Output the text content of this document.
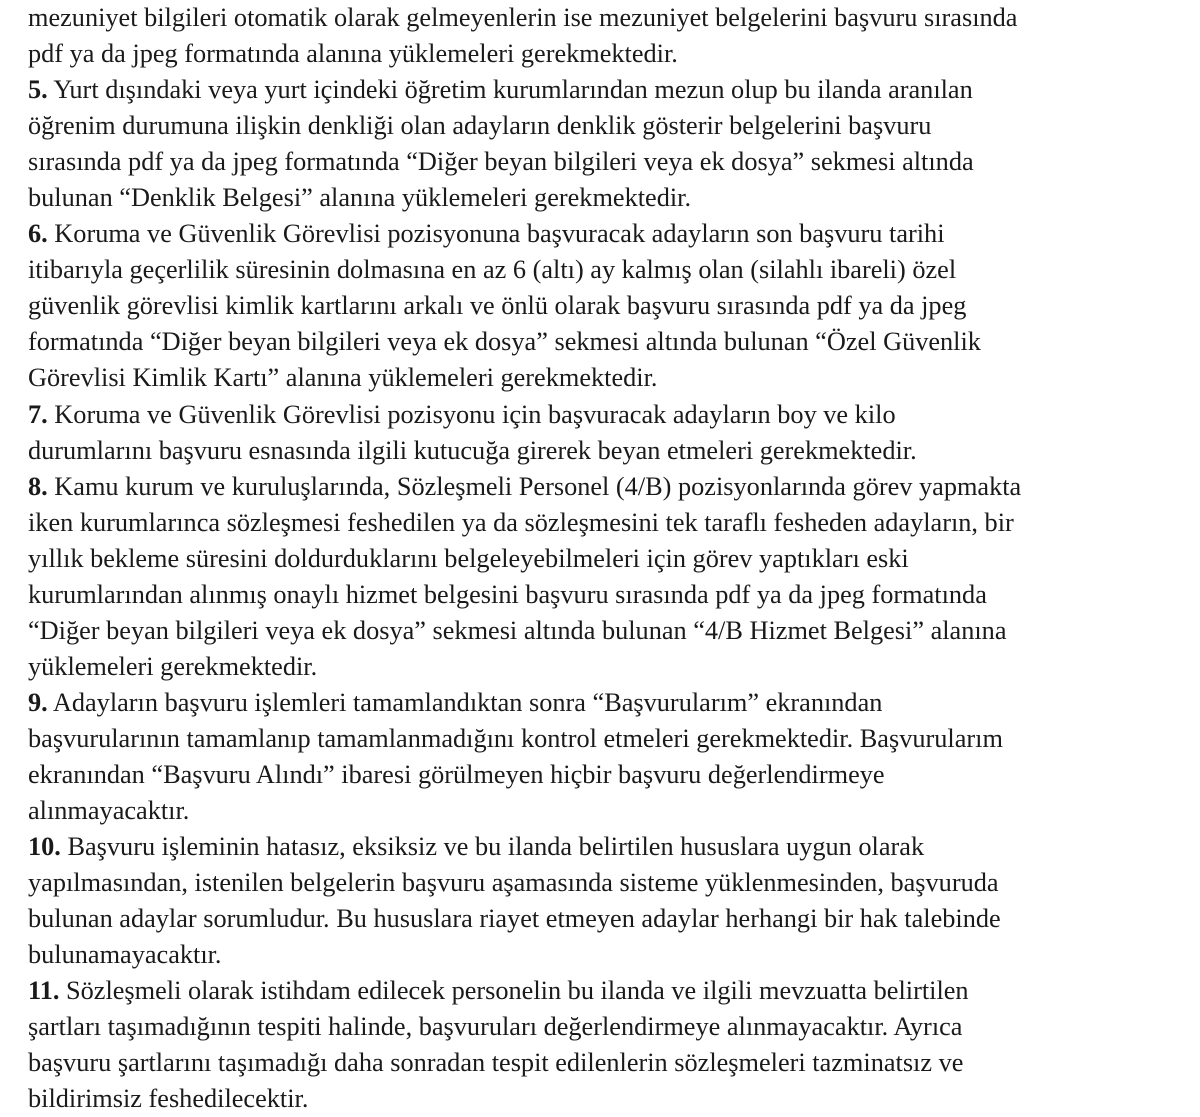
mezuniyet bilgileri otomatik olarak gelmeyenlerin ise mezuniyet belgelerini başvuru sırasında
pdf ya da jpeg formatında alanına yüklemeleri gerekmektedir.
5. Yurt dışındaki veya yurt içindeki öğretim kurumlarından mezun olup bu ilanda aranılan
öğrenim durumuna ilişkin denkliği olan adayların denklik gösterir belgelerini başvuru
sırasında pdf ya da jpeg formatında “Diğer beyan bilgileri veya ek dosya” sekmesi altında
bulunan “Denklik Belgesi” alanına yüklemeleri gerekmektedir.
6. Koruma ve Güvenlik Görevlisi pozisyonuna başvuracak adayların son başvuru tarihi
itibarıyla geçerlilik süresinin dolmasına en az 6 (altı) ay kalmış olan (silahlı ibareli) özel
güvenlik görevlisi kimlik kartlarını arkalı ve önlü olarak başvuru sırasında pdf ya da jpeg
formatında “Diğer beyan bilgileri veya ek dosya” sekmesi altında bulunan “Özel Güvenlik
Görevlisi Kimlik Kartı” alanına yüklemeleri gerekmektedir.
7. Koruma ve Güvenlik Görevlisi pozisyonu için başvuracak adayların boy ve kilo
durumlarını başvuru esnasında ilgili kutucuğa girerek beyan etmeleri gerekmektedir.
8. Kamu kurum ve kuruluşlarında, Sözleşmeli Personel (4/B) pozisyonlarında görev yapmakta
iken kurumlarınca sözleşmesi feshedilen ya da sözleşmesini tek taraflı fesheden adayların, bir
yıllık bekleme süresini doldurduklarını belgeleyebilmeleri için görev yaptıkları eski
kurumlarından alınmış onaylı hizmet belgesini başvuru sırasında pdf ya da jpeg formatında
“Diğer beyan bilgileri veya ek dosya” sekmesi altında bulunan “4/B Hizmet Belgesi” alanına
yüklemeleri gerekmektedir.
9. Adayların başvuru işlemleri tamamlandıktan sonra “Başvurularım” ekranından
başvurularının tamamlanıp tamamlanmadığını kontrol etmeleri gerekmektedir. Başvurularım
ekranından “Başvuru Alındı” ibaresi görülmeyen hiçbir başvuru değerlendirmeye
alınmayacaktır.
10. Başvuru işleminin hatasız, eksiksiz ve bu ilanda belirtilen hususlara uygun olarak
yapılmasından, istenilen belgelerin başvuru aşamasında sisteme yüklenmesinden, başvuruda
bulunan adaylar sorumludur. Bu hususlara riayet etmeyen adaylar herhangi bir hak talebinde
bulunamayacaktır.
11. Sözleşmeli olarak istihdam edilecek personelin bu ilanda ve ilgili mevzuatta belirtilen
şartları taşımadığının tespiti halinde, başvuruları değerlendirmeye alınmayacaktır. Ayrıca
başvuru şartlarını taşımadığı daha sonradan tespit edilenlerin sözleşmeleri tazminatsız ve
bildirimsiz feshedilecektir.
